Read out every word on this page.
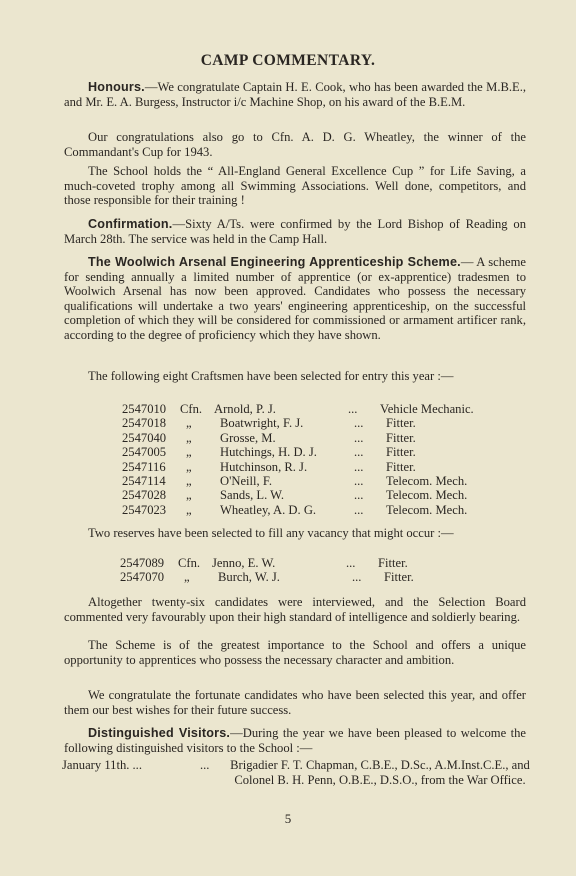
CAMP COMMENTARY.

Honours.—We congratulate Captain H. E. Cook, who has been awarded the M.B.E., and Mr. E. A. Burgess, Instructor i/c Machine Shop, on his award of the B.E.M.

Our congratulations also go to Cfn. A. D. G. Wheatley, the winner of the Commandant's Cup for 1943.

The School holds the “ All-England General Excellence Cup ” for Life Saving, a much-coveted trophy among all Swimming Associations. Well done, competitors, and those responsible for their training !

Confirmation.—Sixty A/Ts. were confirmed by the Lord Bishop of Reading on March 28th. The service was held in the Camp Hall.

The Woolwich Arsenal Engineering Apprenticeship Scheme.— A scheme for sending annually a limited number of apprentice (or ex-apprentice) tradesmen to Woolwich Arsenal has now been approved. Candidates who possess the necessary qualifications will undertake a two years' engineering apprenticeship, on the successful completion of which they will be considered for commissioned or armament artificer rank, according to the degree of proficiency which they have shown.

The following eight Craftsmen have been selected for entry this year :—

2547010	Cfn. Arnold, P. J.	...	Vehicle Mechanic.
2547018	„	Boatwright, F. J.	...	Fitter.
2547040	„	Grosse, M.	...	Fitter.
2547005	„	Hutchings, H. D. J.	...	Fitter.
2547116	„	Hutchinson, R. J.	...	Fitter.
2547114	„	O'Neill, F.	...	Telecom. Mech.
2547028	„	Sands, L. W.	...	Telecom. Mech.
2547023	„	Wheatley, A. D. G.	...	Telecom. Mech.

Two reserves have been selected to fill any vacancy that might occur :—

2547089	Cfn. Jenno, E. W.	...	Fitter.
2547070	„	Burch, W. J.	...	Fitter.

Altogether twenty-six candidates were interviewed, and the Selection Board commented very favourably upon their high standard of intelligence and soldierly bearing.

The Scheme is of the greatest importance to the School and offers a unique opportunity to apprentices who possess the necessary character and ambition.

We congratulate the fortunate candidates who have been selected this year, and offer them our best wishes for their future success.

Distinguished Visitors.—During the year we have been pleased to welcome the following distinguished visitors to the School :—

January 11th. ...	... Brigadier F. T. Chapman, C.B.E., D.Sc., A.M.Inst.C.E., and Colonel B. H. Penn, O.B.E., D.S.O., from the War Office.
5
